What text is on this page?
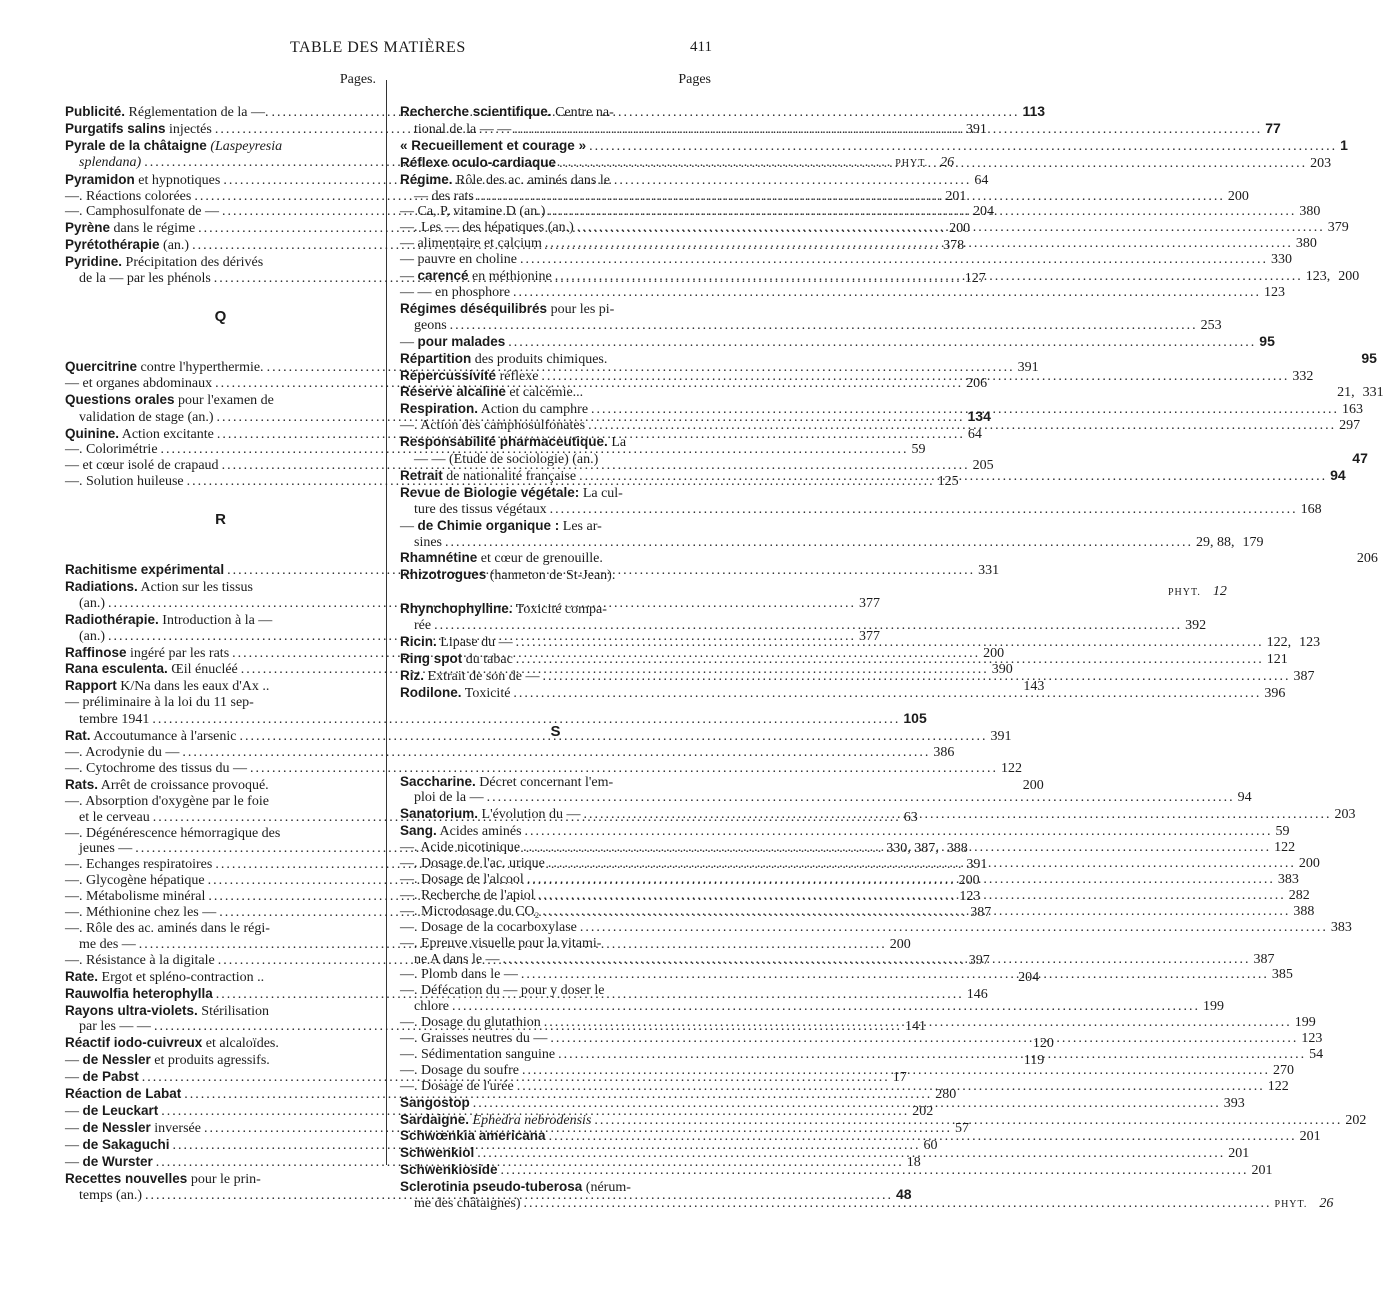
TABLE DES MATIÈRES	411
Pages.
Publicité. Réglementation de la —. .....	113
Purgatifs salins injectés .....	391
Pyrale de la châtaigne (Laspeyresia
splendana) .....	PHYT. 26
Pyramidon et hypnotiques .....	64
—. Réactions colorées .....	201
—. Camphosulfonate de — .....	204
Pyrène dans le régime .....	200
Pyrétothérapie (an.) .....	378
Pyridine. Précipitation des dérivés
de la — par les phénols .....	127
Q
Quercitrine contre l'hyperthermie. .....	391
— et organes abdominaux .....	206
Questions orales pour l'examen de
validation de stage (an.) .....	134
Quinine. Action excitante .....	64
—. Colorimétrie .....	59
— et cœur isolé de crapaud .....	205
—. Solution huileuse .....	125
R
Rachitisme expérimental .....	331
Radiations. Action sur les tissus
(an.) .....	377
Radiothérapie. Introduction à la —
(an.) .....	377
Raffinose ingéré par les rats .....	200
Rana esculenta. Œil énucléé .....	390
Rapport K/Na dans les eaux d'Ax ..	143
— préliminaire à la loi du 11 sep-
tembre 1941 .....	105
Rat. Accoutumance à l'arsenic .....	391
—. Acrodynie du — .....	386
—. Cytochrome des tissus du — .....	122
Rats. Arrêt de croissance provoqué.	200
—. Absorption d'oxygène par le foie
et le cerveau .....	63
—. Dégénérescence hémorragique des
jeunes — .....	330, 387, 388
—. Echanges respiratoires .....	391
—. Glycogène hépatique .....	200
—. Métabolisme minéral .....	123
—. Méthionine chez les — .....	387
—. Rôle des ac. aminés dans le régi-
me des — .....	200
—. Résistance à la digitale .....	397
Rate. Ergot et spléno-contraction ..	204
Rauwolfia heterophylla .....	146
Rayons ultra-violets. Stérilisation
par les — — .....	141
Réactif iodo-cuivreux et alcaloïdes.	120
— de Nessler et produits agressifs.	119
— de Pabst .....	17
Réaction de Labat .....	280
— de Leuckart .....	202
— de Nessler inversée .....	57
— de Sakaguchi .....	60
— de Wurster .....	18
Recettes nouvelles pour le prin-
temps (an.) .....	48
Pages
Recherche scientifique. Centre na-
tional de la — — .....	77
« Recueillement et courage » .....	1
Réflexe oculo-cardiaque .....	203
Régime. Rôle des ac. aminés dans le
— des rats .....	200
— Ca, P, vitamine D (an.) .....	380
—. Les — des hépatiques (an.) .....	379
— alimentaire et calcium .....	380
— pauvre en choline .....	330
— carencé en méthionine .....	123, 200
— — en phosphore .....	123
Régimes déséquilibrés pour les pi-
geons .....	253
— pour malades .....	95
Répartition des produits chimiques.	95
Répercussivité réflexe .....	332
Réserve alcaline et calcémie...	21, 331
Respiration. Action du camphre .....	163
—. Action des camphosulfonates .....	297
Responsabilité pharmaceutique. La
— — (Etude de sociologie) (an.)	47
Retrait de nationalité française .....	94
Revue de Biologie végétale: La cul-
ture des tissus végétaux .....	168
— de Chimie organique : Les ar-
sines .....	29, 88, 179
Rhamnétine et cœur de grenouille.	206
Rhizotrogues (hanneton de St-Jean).
PHYT. 12
Rhynchophylline. Toxicité compa-
rée .....	392
Ricin. Lipase du — .....	122, 123
Ring spot du tabac .....	121
Riz. Extrait de son de — .....	387
Rodilone. Toxicité .....	396
S
Saccharine. Décret concernant l'em-
ploi de la — .....	94
Sanatorium. L'évolution du — .....	203
Sang. Acides aminés .....	59
—. Acide nicotinique .....	122
—. Dosage de l'ac. urique .....	200
—. Dosage de l'alcool .....	383
—. Recherche de l'apiol .....	282
—. Microdosage du CO₂ .....	388
—. Dosage de la cocarboxylase .....	383
—. Epreuve visuelle pour la vitami-
ne A dans le — .....	387
—. Plomb dans le — .....	385
—. Défécation du — pour y doser le
chlore .....	199
—. Dosage du glutathion .....	199
—. Graisses neutres du — .....	123
—. Sédimentation sanguine .....	54
—. Dosage du soufre .....	270
—. Dosage de l'urée .....	122
Sangostop .....	393
Sardaigne. Ephedra nebrodensis .....	202
Schwœnkia americana .....	201
Schwenkiol .....	201
Schwenkioside .....	201
Sclerotinia pseudo-tuberosa (nérum-
me des châtaignes) .....	PHYT. 26
